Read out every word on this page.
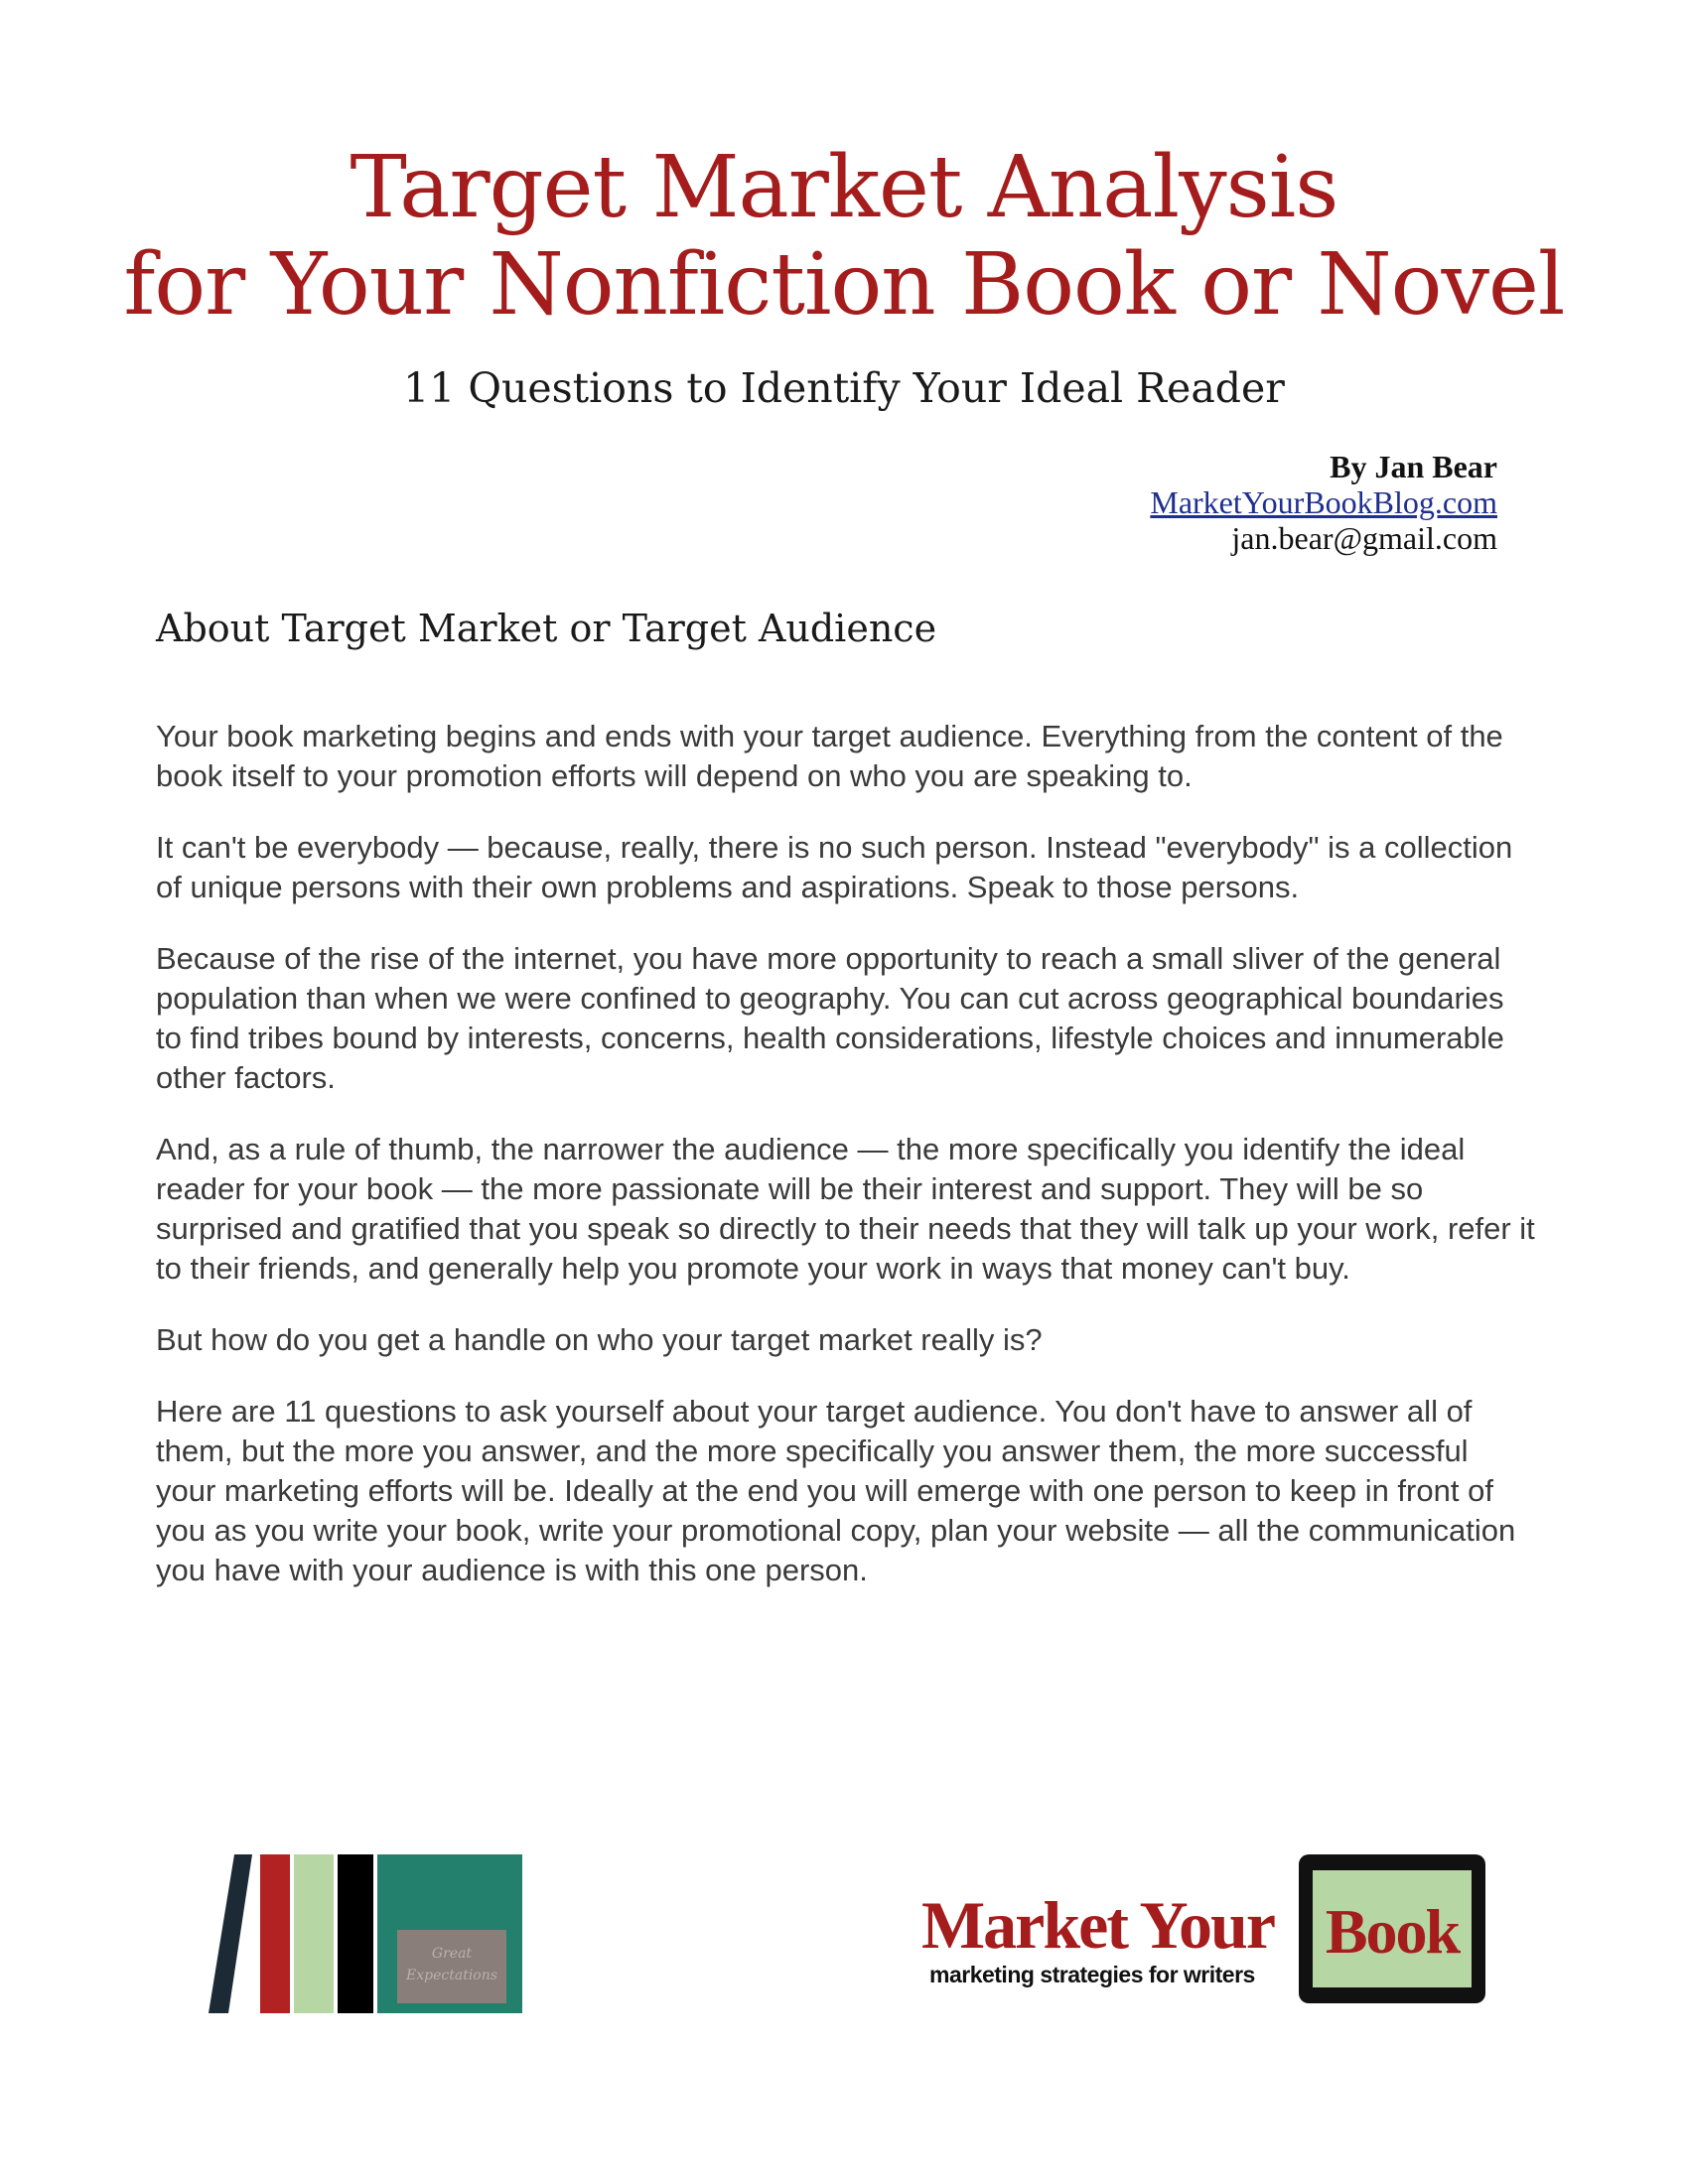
Target Market Analysis
for Your Nonfiction Book or Novel
11 Questions to Identify Your Ideal Reader
By Jan Bear
MarketYourBookBlog.com
jan.bear@gmail.com
About Target Market or Target Audience

Your book marketing begins and ends with your target audience. Everything from the content of the book itself to your promotion efforts will depend on who you are speaking to.

It can't be everybody — because, really, there is no such person. Instead "everybody" is a collection of unique persons with their own problems and aspirations. Speak to those persons.

Because of the rise of the internet, you have more opportunity to reach a small sliver of the general population than when we were confined to geography. You can cut across geographical boundaries to find tribes bound by interests, concerns, health considerations, lifestyle choices and innumerable other factors.

And, as a rule of thumb, the narrower the audience — the more specifically you identify the ideal reader for your book — the more passionate will be their interest and support. They will be so surprised and gratified that you speak so directly to their needs that they will talk up your work, refer it to their friends, and generally help you promote your work in ways that money can't buy.

But how do you get a handle on who your target market really is?

Here are 11 questions to ask yourself about your target audience. You don't have to answer all of them, but the more you answer, and the more specifically you answer them, the more successful your marketing efforts will be. Ideally at the end you will emerge with one person to keep in front of you as you write your book, write your promotional copy, plan your website — all the communication you have with your audience is with this one person.

Great
Expectations
Market Your
marketing strategies for writers
Book
